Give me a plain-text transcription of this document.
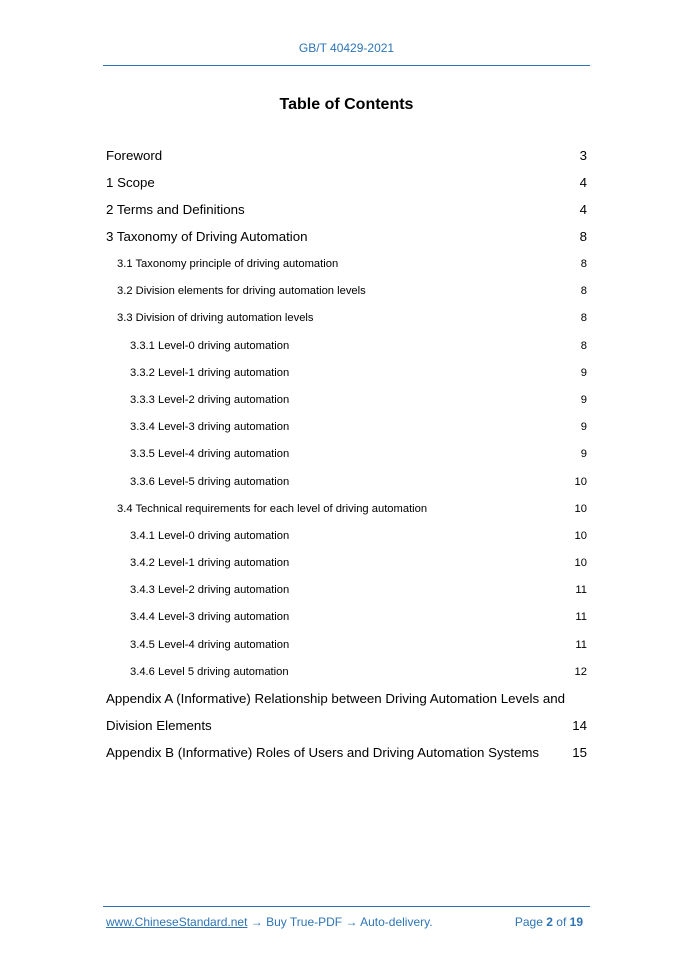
GB/T 40429-2021
Table of Contents
Foreword	3
1 Scope	4
2 Terms and Definitions	4
3 Taxonomy of Driving Automation	8
3.1 Taxonomy principle of driving automation	8
3.2 Division elements for driving automation levels	8
3.3 Division of driving automation levels	8
3.3.1 Level-0 driving automation	8
3.3.2 Level-1 driving automation	9
3.3.3 Level-2 driving automation	9
3.3.4 Level-3 driving automation	9
3.3.5 Level-4 driving automation	9
3.3.6 Level-5 driving automation	10
3.4 Technical requirements for each level of driving automation	10
3.4.1 Level-0 driving automation	10
3.4.2 Level-1 driving automation	10
3.4.3 Level-2 driving automation	11
3.4.4 Level-3 driving automation	11
3.4.5 Level-4 driving automation	11
3.4.6 Level 5 driving automation	12
Appendix A (Informative) Relationship between Driving Automation Levels and
Division Elements	14
Appendix B (Informative) Roles of Users and Driving Automation Systems 15
www.ChineseStandard.net → Buy True-PDF → Auto-delivery.	Page 2 of 19
